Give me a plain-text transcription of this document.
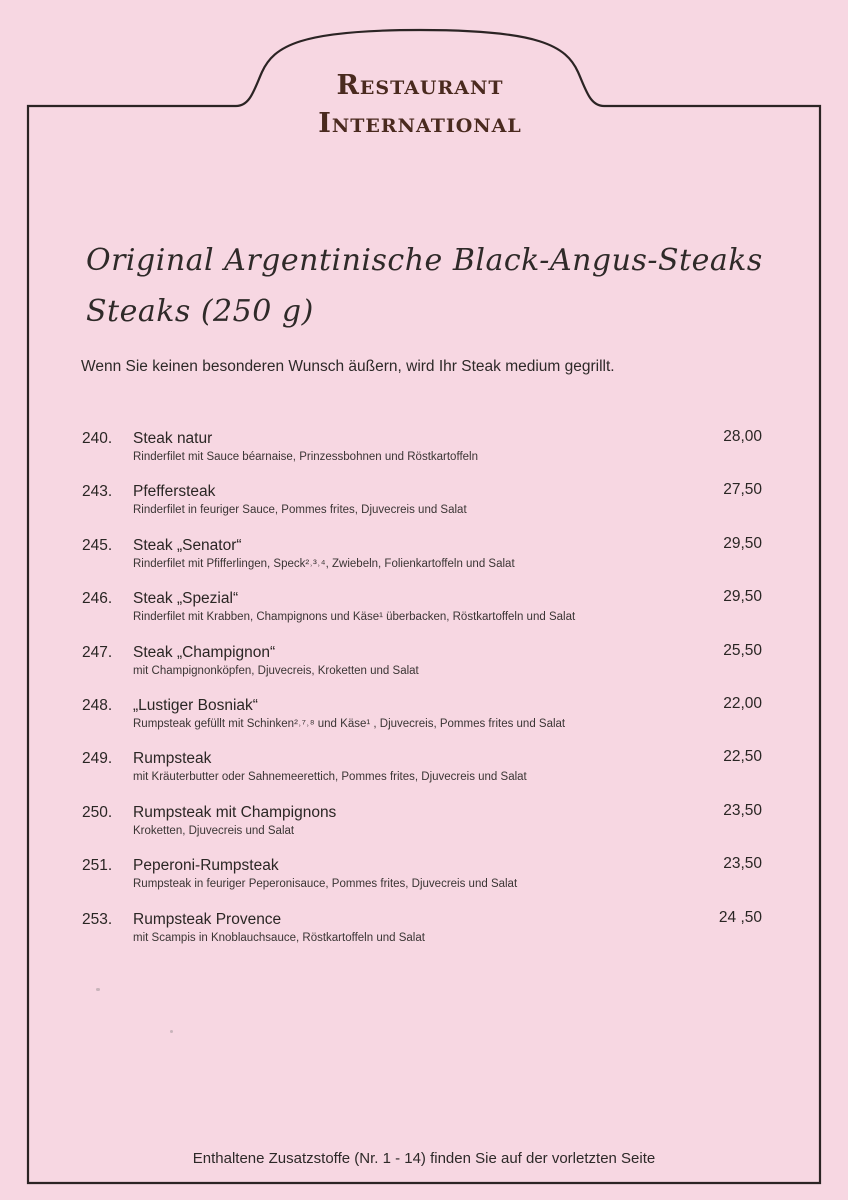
Restaurant
International
Original Argentinische Black-Angus-Steaks
Steaks (250 g)
Wenn Sie keinen besonderen Wunsch äußern, wird Ihr Steak medium gegrillt.
240. Steak natur
Rinderfilet mit Sauce béarnaise, Prinzessbohnen und Röstkartoffeln
28,00
243. Pfeffersteak
Rinderfilet in feuriger Sauce, Pommes frites, Djuvecreis und Salat
27,50
245. Steak „Senator“
Rinderfilet mit Pfifferlingen, Speck²˒³˒⁴, Zwiebeln, Folienkartoffeln und Salat
29,50
246. Steak „Spezial“
Rinderfilet mit Krabben, Champignons und Käse¹ überbacken, Röstkartoffeln und Salat
29,50
247. Steak „Champignon“
mit Champignonköpfen, Djuvecreis, Kroketten und Salat
25,50
248. „Lustiger Bosniak“
Rumpsteak gefüllt mit Schinken²˒⁷˒⁸ und Käse¹ , Djuvecreis, Pommes frites und Salat
22,00
249. Rumpsteak
mit Kräuterbutter oder Sahnemeerettich, Pommes frites, Djuvecreis und Salat
22,50
250. Rumpsteak mit Champignons
Kroketten, Djuvecreis und Salat
23,50
251. Peperoni-Rumpsteak
Rumpsteak in feuriger Peperonisauce, Pommes frites, Djuvecreis und Salat
23,50
253. Rumpsteak Provence
mit Scampis in Knoblauchsauce, Röstkartoffeln und Salat
24 ,50
Enthaltene Zusatzstoffe (Nr. 1 - 14) finden Sie auf der vorletzten Seite
